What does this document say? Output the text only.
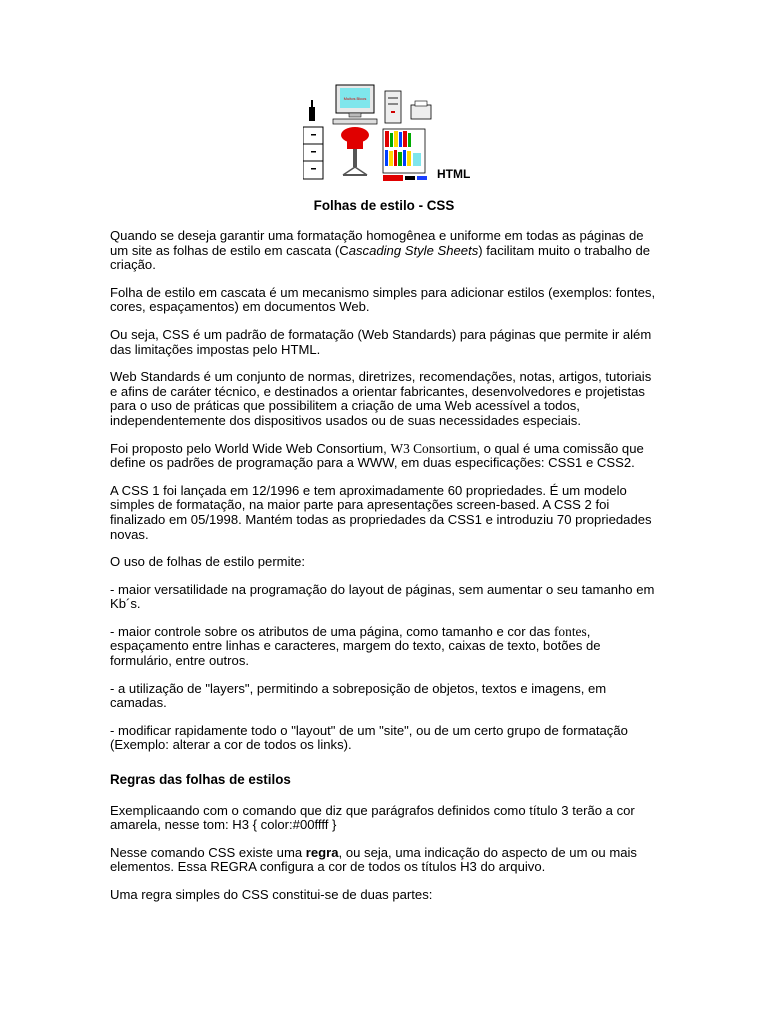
Muitos Bicos
HTML
Folhas de estilo - CSS

Quando se deseja garantir uma formatação homogênea e uniforme em todas as páginas de um site as folhas de estilo em cascata (Cascading Style Sheets) facilitam muito o trabalho de criação.

Folha de estilo em cascata é um mecanismo simples para adicionar estilos (exemplos: fontes, cores, espaçamentos) em documentos Web.

Ou seja, CSS é um padrão de formatação (Web Standards) para páginas que permite ir além das limitações impostas pelo HTML.

Web Standards é um conjunto de normas, diretrizes, recomendações, notas, artigos, tutoriais e afins de caráter técnico, e destinados a orientar fabricantes, desenvolvedores e projetistas para o uso de práticas que possibilitem a criação de uma Web acessível a todos, independentemente dos dispositivos usados ou de suas necessidades especiais.

Foi proposto pelo World Wide Web Consortium, W3 Consortium, o qual é uma comissão que define os padrões de programação para a WWW, em duas especificações: CSS1 e CSS2.

A CSS 1 foi lançada em 12/1996 e tem aproximadamente 60 propriedades. É um modelo simples de formatação, na maior parte para apresentações screen-based. A CSS 2 foi finalizado em 05/1998. Mantém todas as propriedades da CSS1 e introduziu 70 propriedades novas.

O uso de folhas de estilo permite:

- maior versatilidade na programação do layout de páginas, sem aumentar o seu tamanho em Kb´s.

- maior controle sobre os atributos de uma página, como tamanho e cor das fontes, espaçamento entre linhas e caracteres, margem do texto, caixas de texto, botões de formulário, entre outros.

- a utilização de "layers", permitindo a sobreposição de objetos, textos e imagens, em camadas.

- modificar rapidamente todo o "layout" de um "site", ou de um certo grupo de formatação (Exemplo: alterar a cor de todos os links).

Regras das folhas de estilos

Exemplicaando com o comando que diz que parágrafos definidos como título 3 terão a cor amarela, nesse tom: H3 { color:#00ffff }

Nesse comando CSS existe uma regra, ou seja, uma indicação do aspecto de um ou mais elementos. Essa REGRA configura a cor de todos os títulos H3 do arquivo.

Uma regra simples do CSS constitui-se de duas partes:
